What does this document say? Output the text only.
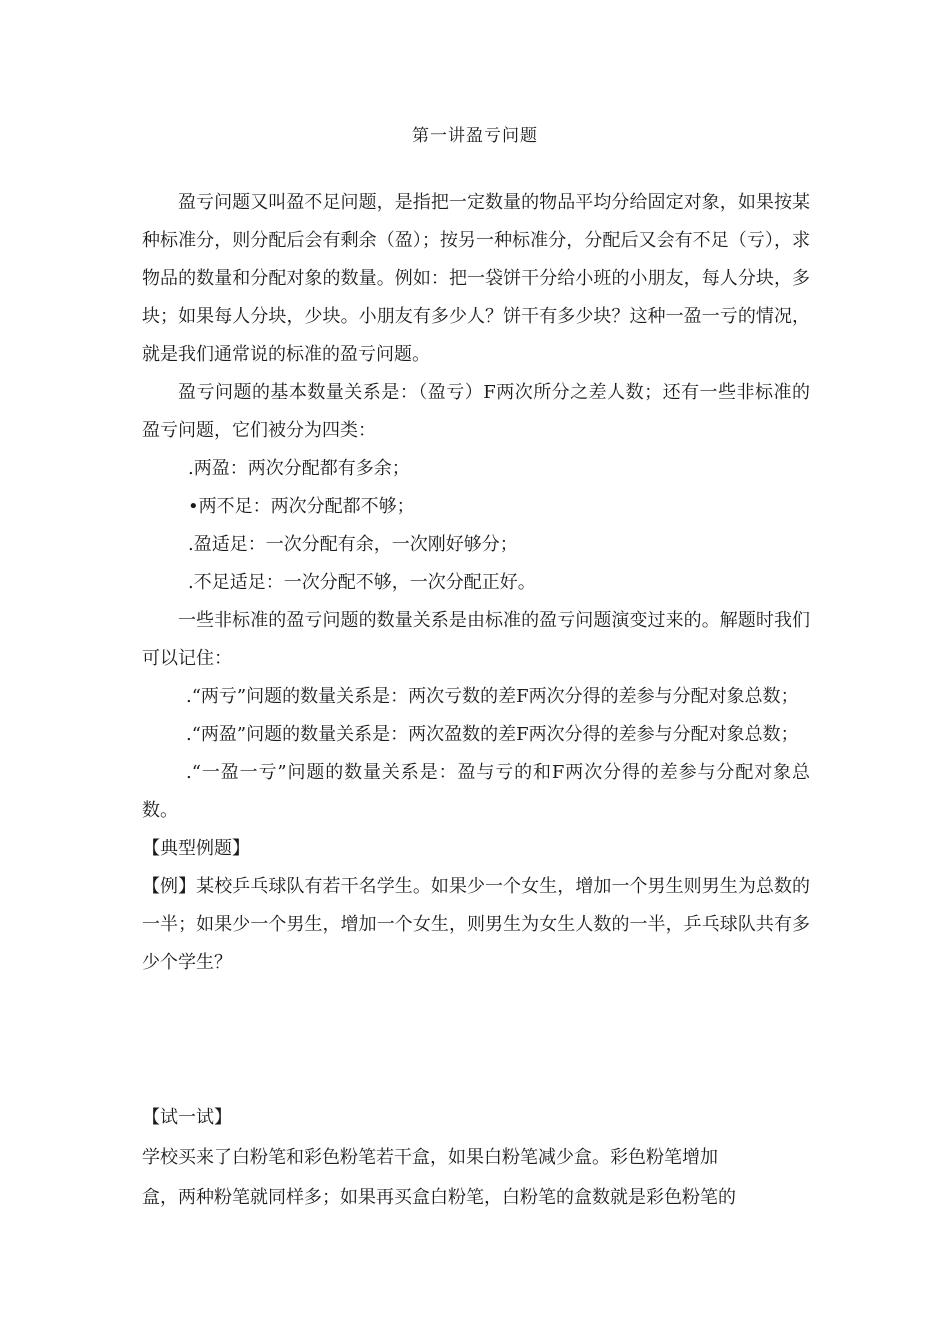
第一讲盈亏问题

盈亏问题又叫盈不足问题，是指把一定数量的物品平均分给固定对象，如果按某种标准分，则分配后会有剩余（盈）；按另一种标准分，分配后又会有不足（亏），求物品的数量和分配对象的数量。例如：把一袋饼干分给小班的小朋友，每人分块，多块；如果每人分块，少块。小朋友有多少人？饼干有多少块？这种一盈一亏的情况，就是我们通常说的标准的盈亏问题。

盈亏问题的基本数量关系是：（盈亏）F两次所分之差人数；还有一些非标准的盈亏问题，它们被分为四类：

.两盈：两次分配都有多余；

•两不足：两次分配都不够；

.盈适足：一次分配有余，一次刚好够分；

.不足适足：一次分配不够，一次分配正好。

一些非标准的盈亏问题的数量关系是由标准的盈亏问题演变过来的。解题时我们可以记住：

.“两亏”问题的数量关系是：两次亏数的差F两次分得的差参与分配对象总数；

.“两盈”问题的数量关系是：两次盈数的差F两次分得的差参与分配对象总数；

.“一盈一亏”问题的数量关系是：盈与亏的和F两次分得的差参与分配对象总数。

【典型例题】

【例】某校乒乓球队有若干名学生。如果少一个女生，增加一个男生则男生为总数的一半；如果少一个男生，增加一个女生，则男生为女生人数的一半，乒乓球队共有多少个学生？

【试一试】

学校买来了白粉笔和彩色粉笔若干盒，如果白粉笔减少盒。彩色粉笔增加

盒，两种粉笔就同样多；如果再买盒白粉笔，白粉笔的盒数就是彩色粉笔的
